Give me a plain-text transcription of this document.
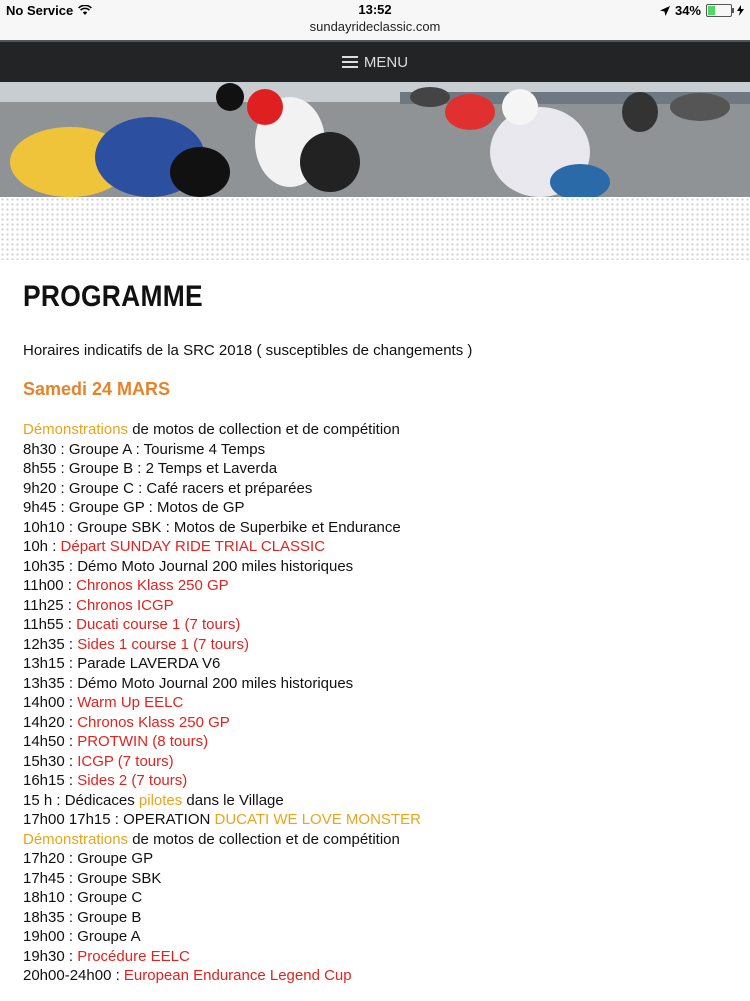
No Service	13:52
sundayrideclassic.com
34%
MENU
PROGRAMME
Horaires indicatifs de la SRC 2018 ( susceptibles de changements )
Samedi 24 MARS
Démonstrations de motos de collection et de compétition
8h30 : Groupe A : Tourisme 4 Temps
8h55 : Groupe B : 2 Temps et Laverda
9h20 : Groupe C : Café racers et préparées
9h45 : Groupe GP : Motos de GP
10h10 : Groupe SBK : Motos de Superbike et Endurance
10h : Départ SUNDAY RIDE TRIAL CLASSIC
10h35 : Démo Moto Journal 200 miles historiques
11h00 : Chronos Klass 250 GP
11h25 : Chronos ICGP
11h55 : Ducati course 1 (7 tours)
12h35 : Sides 1 course 1 (7 tours)
13h15 : Parade LAVERDA V6
13h35 : Démo Moto Journal 200 miles historiques
14h00 : Warm Up EELC
14h20 : Chronos Klass 250 GP
14h50 : PROTWIN (8 tours)
15h30 : ICGP (7 tours)
16h15 : Sides 2 (7 tours)
15 h : Dédicaces pilotes dans le Village
17h00 17h15 : OPERATION DUCATI WE LOVE MONSTER
Démonstrations de motos de collection et de compétition
17h20 : Groupe GP
17h45 : Groupe SBK
18h10 : Groupe C
18h35 : Groupe B
19h00 : Groupe A
19h30 : Procédure EELC
20h00-24h00 : European Endurance Legend Cup
